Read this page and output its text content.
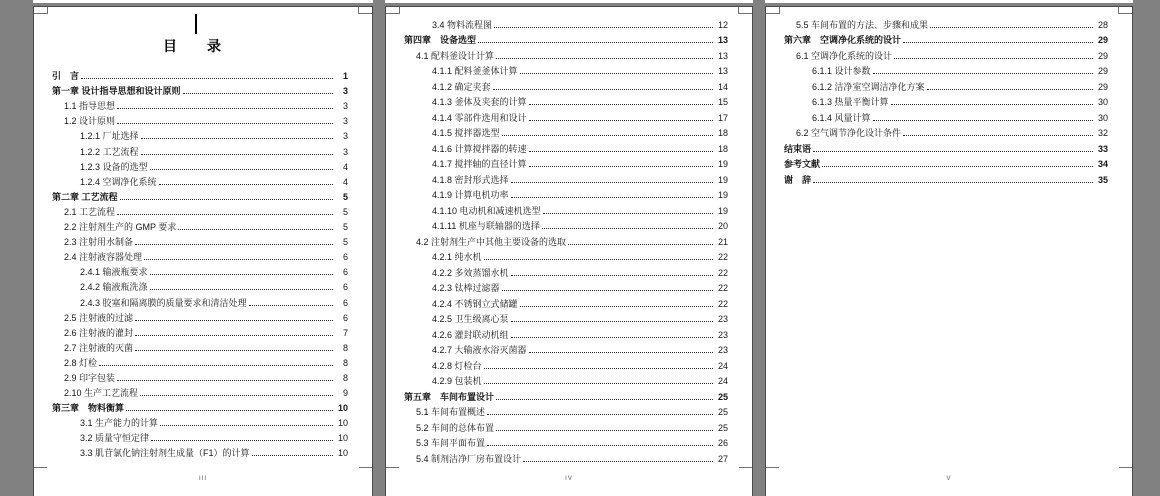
目　录
引　言	1
第一章 设计指导思想和设计原则	3
1.1 指导思想	3
1.2 设计原则	3
1.2.1 厂址选择	3
1.2.2 工艺流程	3
1.2.3 设备的选型	4
1.2.4 空调净化系统	4
第二章 工艺流程	5
2.1 工艺流程	5
2.2 注射剂生产的 GMP 要求	5
2.3 注射用水制备	5
2.4 注射液容器处理	6
2.4.1 输液瓶要求	6
2.4.2 输液瓶洗涤	6
2.4.3 胶塞和隔离膜的质量要求和清洁处理	6
2.5 注射液的过滤	6
2.6 注射液的灌封	7
2.7 注射液的灭菌	8
2.8 灯检	8
2.9 印字包装	8
2.10 生产工艺流程	9
第三章　物料衡算	10
3.1 生产能力的计算	10
3.2 质量守恒定律	10
3.3 肌苷氯化钠注射剂生成量（F1）的计算	10
III
3.4 物料流程图	12
第四章　设备选型	13
4.1 配料釜设计计算	13
4.1.1 配料釜釜体计算	13
4.1.2 确定夹套	14
4.1.3 釜体及夹套的计算	15
4.1.4 零部件选用和设计	17
4.1.5 搅拌器选型	18
4.1.6 计算搅拌器的转速	18
4.1.7 搅拌轴的直径计算	19
4.1.8 密封形式选择	19
4.1.9 计算电机功率	19
4.1.10 电动机和减速机选型	19
4.1.11 机座与联轴器的选择	20
4.2 注射剂生产中其他主要设备的选取	21
4.2.1 纯水机	22
4.2.2 多效蒸馏水机	22
4.2.3 钛棒过滤器	22
4.2.4 不锈钢立式储罐	22
4.2.5 卫生级离心泵	23
4.2.6 灌封联动机组	23
4.2.7 大输液水浴灭菌器	23
4.2.8 灯检台	24
4.2.9 包装机	24
第五章　车间布置设计	25
5.1 车间布置概述	25
5.2 车间的总体布置	25
5.3 车间平面布置	26
5.4 制剂洁净厂房布置设计	27
IV
5.5 车间布置的方法、步骤和成果	28
第六章　空调净化系统的设计	29
6.1 空调净化系统的设计	29
6.1.1 设计参数	29
6.1.2 洁净室空调洁净化方案	29
6.1.3 热量平衡计算	30
6.1.4 风量计算	30
6.2 空气调节净化设计条件	32
结束语	33
参考文献	34
谢　辞	35
V
